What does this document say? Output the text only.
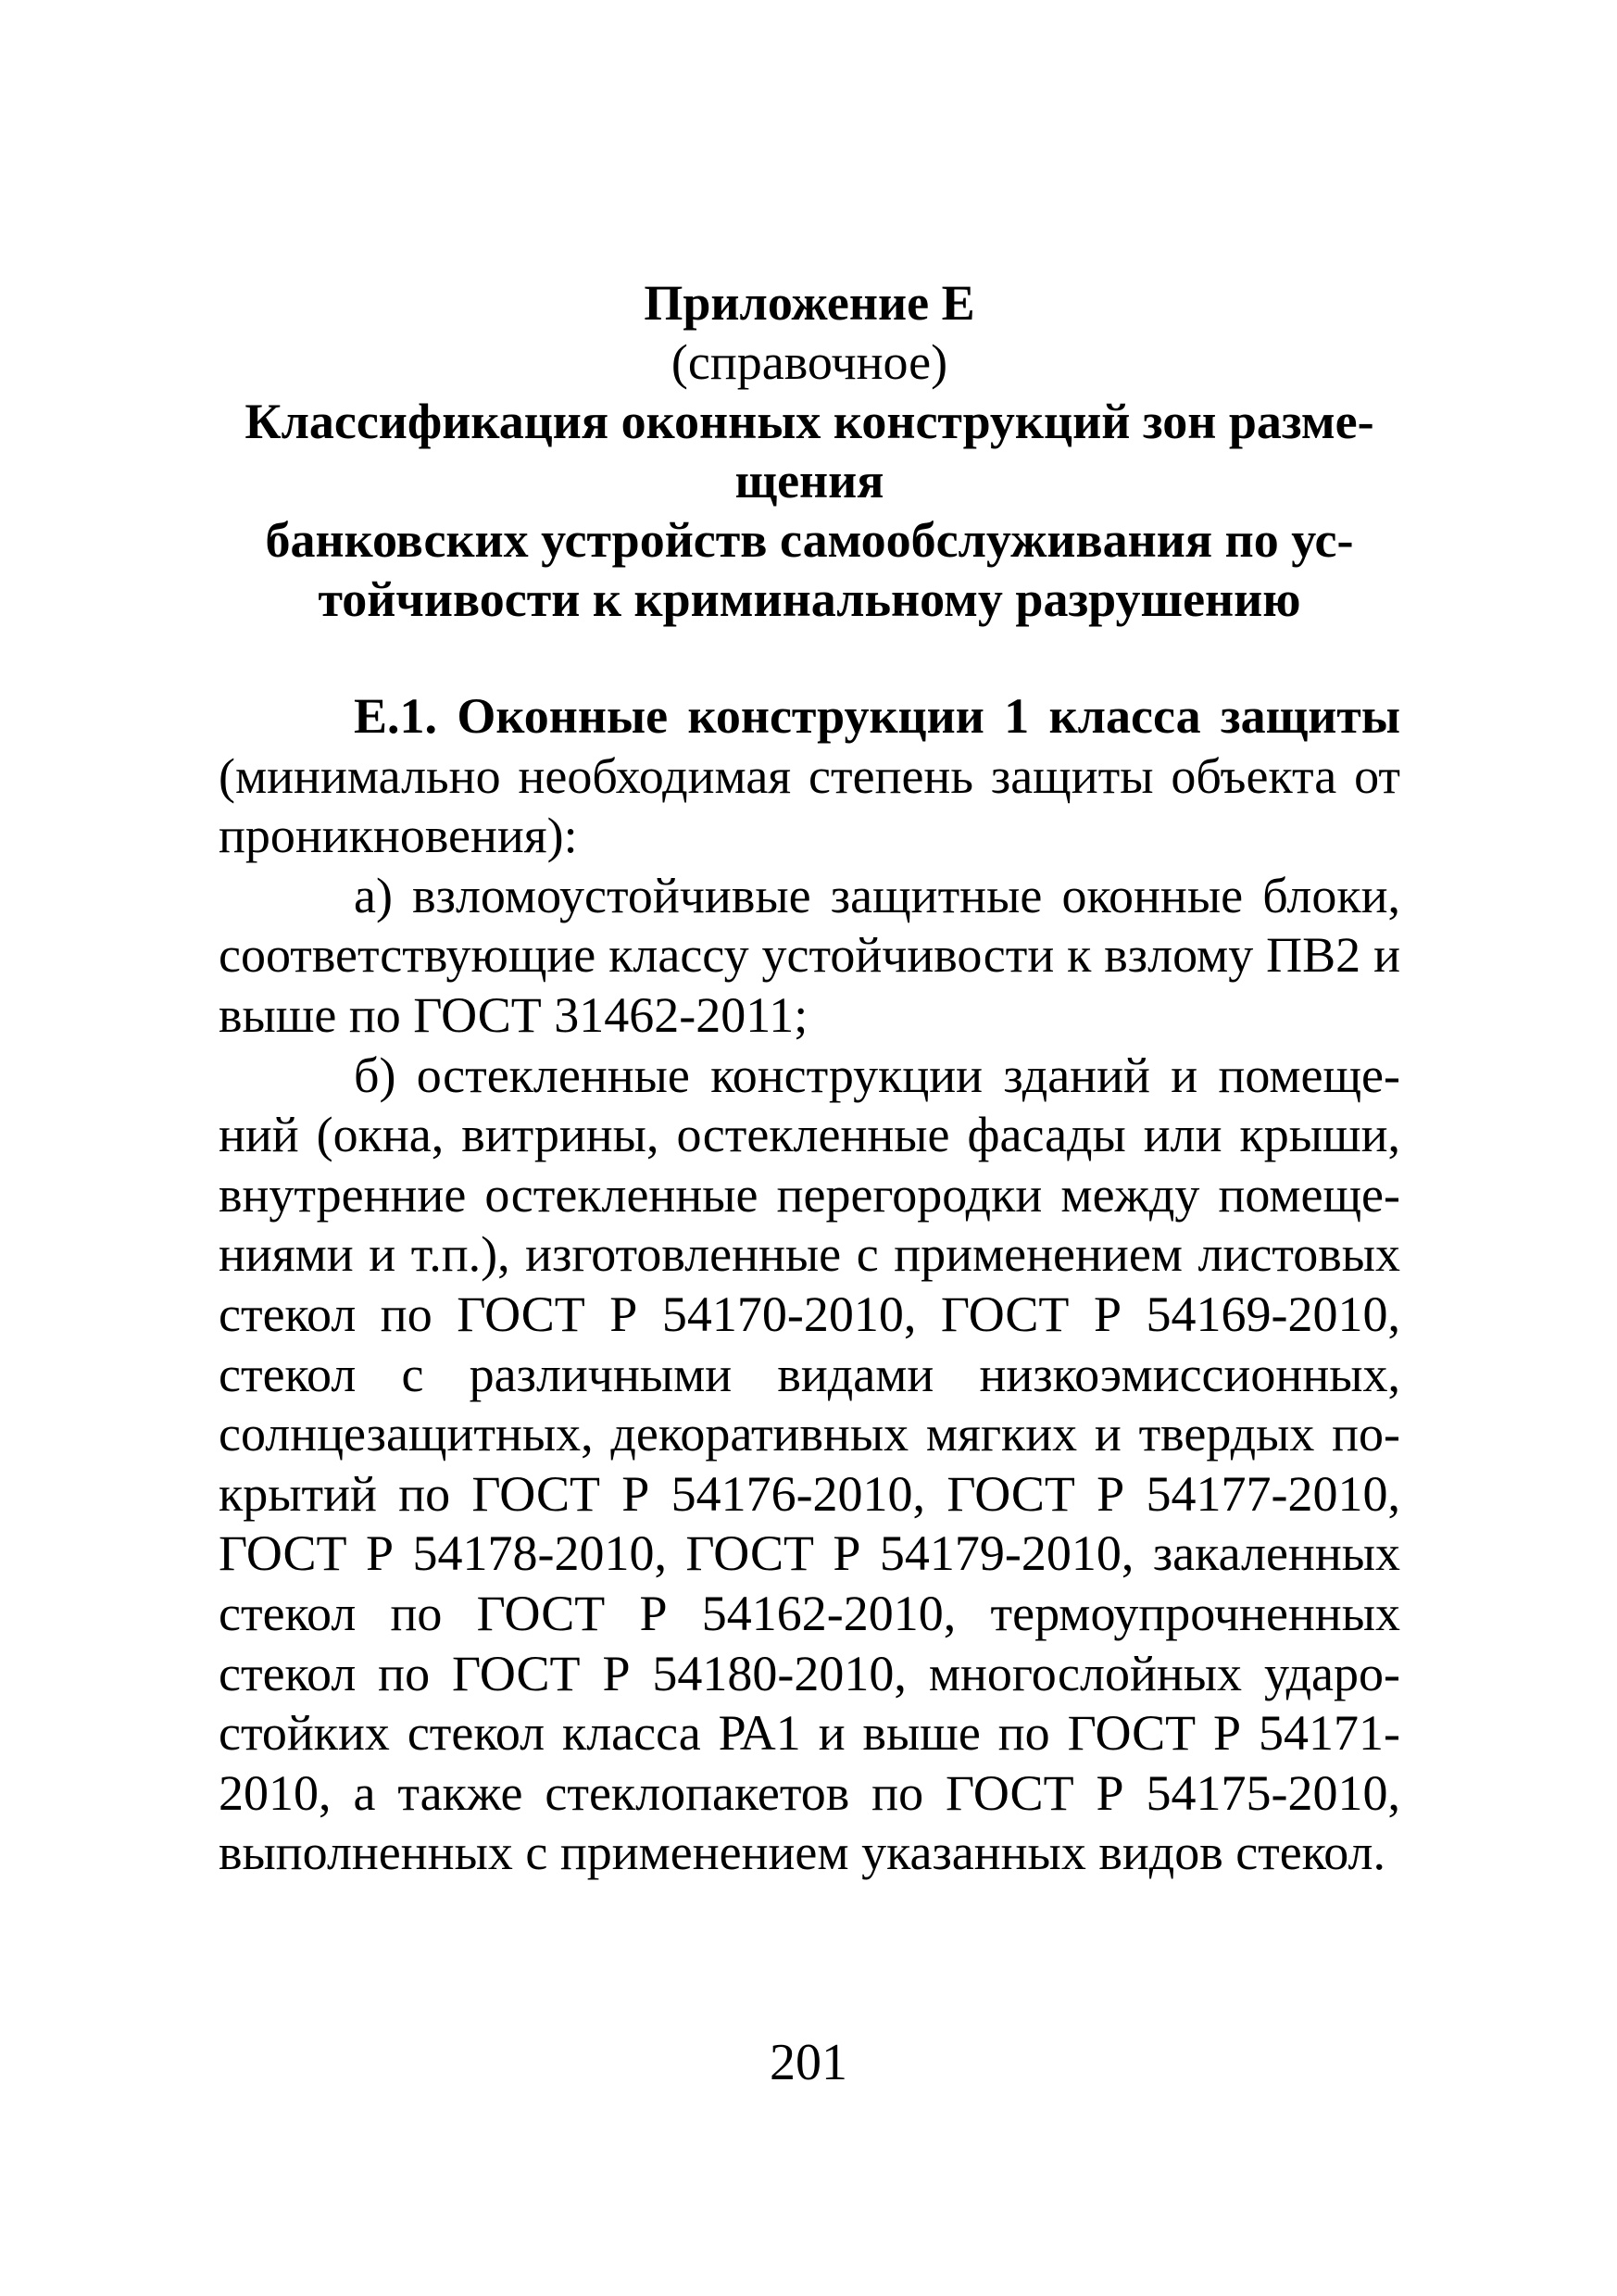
Приложение Е
(справочное)
Классификация оконных конструкций зон разме-
щения
банковских устройств самообслуживания по ус-
тойчивости к криминальному разрушению

Е.1. Оконные конструкции 1 класса защиты (минимально необходимая степень защиты объекта от проникновения):

а) взломоустойчивые защитные оконные блоки, соответствующие классу устойчивости к взлому ПВ2 и выше по ГОСТ 31462-2011;

б) остекленные конструкции зданий и помещений (окна, витрины, остекленные фасады или крыши, внутренние остекленные перегородки между помещениями и т.п.), изготовленные с применением листовых стекол по ГОСТ Р 54170-2010, ГОСТ Р 54169-2010, стекол с различными видами низкоэмиссионных, солнцезащитных, декоративных мягких и твердых покрытий по ГОСТ Р 54176-2010, ГОСТ Р 54177-2010, ГОСТ Р 54178-2010, ГОСТ Р 54179-2010, закаленных стекол по ГОСТ Р 54162-2010, термоупрочненных стекол по ГОСТ Р 54180-2010, многослойных ударостойких стекол класса РА1 и выше по ГОСТ Р 54171-2010, а также стеклопакетов по ГОСТ Р 54175-2010, выполненных с применением указанных видов стекол.

201
